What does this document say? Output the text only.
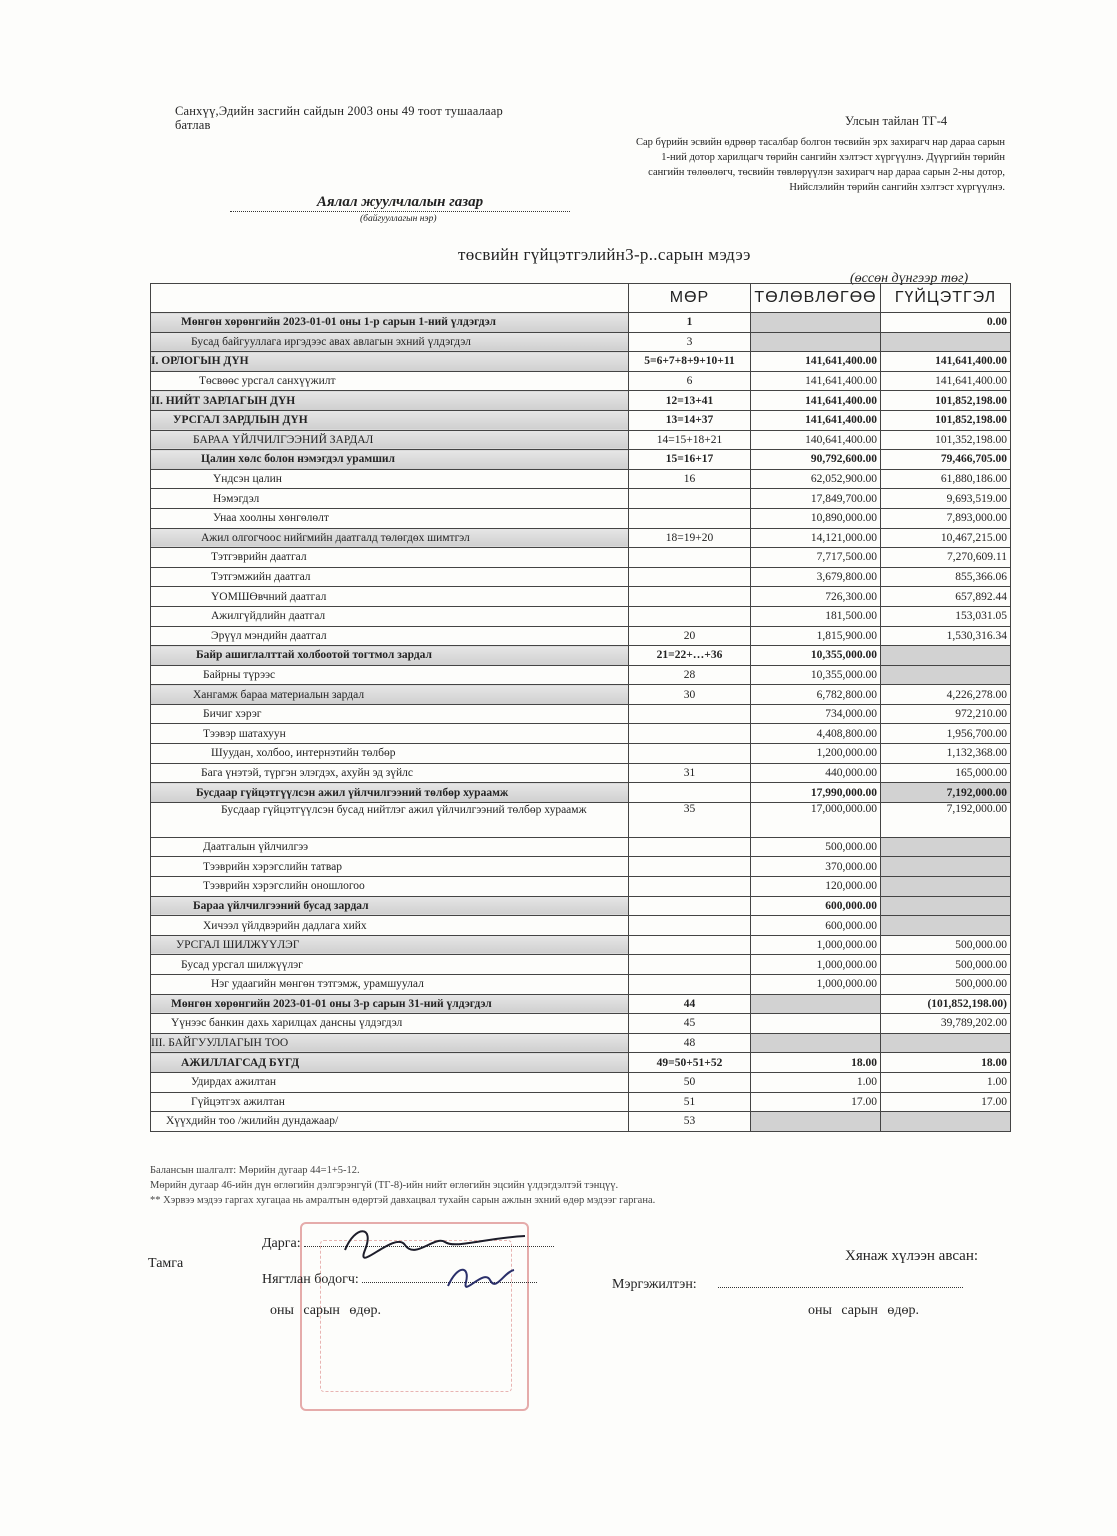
Санхүү,Эдийн засгийн сайдын 2003 оны 49 тоот тушаалаар батлав	Улсын тайлан ТГ-4
Сар бүрийн эсвийн өдрөөр тасалбар болгон төсвийн эрх захирагч нар дараа сарын
1-ний дотор харилцагч төрийн сангийн хэлтэст хүргүүлнэ. Дүүргийн төрийн
сангийн төлөөлөгч, төсвийн төвлөрүүлэн захирагч нар дараа сарын 2-ны дотор,
Нийслэлийн төрийн сангийн хэлтэст хүргүүлнэ.
Аялал жуулчлалын газар
(байгууллагын нэр)
төсвийн гүйцэтгэлийн3-р..сарын мэдээ
(өссөн дүнгээр төг)
	МӨР	ТӨЛӨВЛӨГӨӨ	ГҮЙЦЭТГЭЛ
Мөнгөн хөрөнгийн 2023-01-01 оны 1-р сарын 1-ний үлдэгдэл	1		0.00
Бусад байгууллага иргэдээс авах авлагын эхний үлдэгдэл	3		
I. ОРЛОГЫН ДҮН	5=6+7+8+9+10+11	141,641,400.00	141,641,400.00
Төсвөөс урсгал санхүүжилт	6	141,641,400.00	141,641,400.00
II. НИЙТ ЗАРЛАГЫН ДҮН	12=13+41	141,641,400.00	101,852,198.00
УРСГАЛ ЗАРДЛЫН ДҮН	13=14+37	141,641,400.00	101,852,198.00
БАРАА ҮЙЛЧИЛГЭЭНИЙ ЗАРДАЛ	14=15+18+21	140,641,400.00	101,352,198.00
Цалин хөлс болон нэмэгдэл урамшил	15=16+17	90,792,600.00	79,466,705.00
Үндсэн цалин	16	62,052,900.00	61,880,186.00
Нэмэгдэл		17,849,700.00	9,693,519.00
Унаа хоолны хөнгөлөлт		10,890,000.00	7,893,000.00
Ажил олгогчоос нийгмийн даатгалд төлөгдөх шимтгэл	18=19+20	14,121,000.00	10,467,215.00
Тэтгэврийн даатгал		7,717,500.00	7,270,609.11
Тэтгэмжийн даатгал		3,679,800.00	855,366.06
ҮОМШӨвчний даатгал		726,300.00	657,892.44
Ажилгүйдлийн даатгал		181,500.00	153,031.05
Эрүүл мэндийн даатгал	20	1,815,900.00	1,530,316.34
Байр ашиглалттай холбоотой тогтмол зардал	21=22+…+36	10,355,000.00	
Байрны түрээс	28	10,355,000.00	
Хангамж бараа материалын зардал	30	6,782,800.00	4,226,278.00
Бичиг хэрэг		734,000.00	972,210.00
Тээвэр шатахуун		4,408,800.00	1,956,700.00
Шуудан, холбоо, интернэтийн төлбөр		1,200,000.00	1,132,368.00
Бага үнэтэй, түргэн элэгдэх, ахуйн эд зүйлс	31	440,000.00	165,000.00
Бусдаар гүйцэтгүүлсэн ажил үйлчилгээний төлбөр хураамж		17,990,000.00	7,192,000.00
Бусдаар гүйцэтгүүлсэн бусад нийтлэг ажил үйлчилгээний төлбөр хураамж	35	17,000,000.00	7,192,000.00
Даатгалын үйлчилгээ		500,000.00	
Тээврийн хэрэгслийн татвар		370,000.00	
Тээврийн хэрэгслийн оношлогоо		120,000.00	
Бараа үйлчилгээний бусад зардал		600,000.00	
Хичээл үйлдвэрийн дадлага хийх		600,000.00	
УРСГАЛ ШИЛЖҮҮЛЭГ		1,000,000.00	500,000.00
Бусад урсгал шилжүүлэг		1,000,000.00	500,000.00
Нэг удаагийн мөнгөн тэтгэмж, урамшуулал		1,000,000.00	500,000.00
Мөнгөн хөрөнгийн 2023-01-01 оны 3-р сарын 31-ний үлдэгдэл	44		(101,852,198.00)
Үүнээс банкин дахь харилцах дансны үлдэгдэл	45		39,789,202.00
III. БАЙГУУЛЛАГЫН ТОО	48		
АЖИЛЛАГСАД БҮГД	49=50+51+52	18.00	18.00
Удирдах ажилтан	50	1.00	1.00
Гүйцэтгэх ажилтан	51	17.00	17.00
Хүүхдийн тоо /жилийн дундажаар/	53		
Балансын шалгалт: Мөрийн дугаар 44=1+5-12.
Мөрийн дугаар 46-ийн дүн өглөгийн дэлгэрэнгүй (ТГ-8)-ийн нийт өглөгийн эцсийн үлдэгдэлтэй тэнцүү.
** Хэрвээ мэдээ гаргах хугацаа нь амралтын өдөртэй давхацвал тухайн сарын ажлын эхний өдөр мэдээг гаргана.
Тамга
Дарга:
Нягтлан бодогч:
оны сарын өдөр.
Хянаж хүлээн авсан:
Мэргэжилтэн:
оны сарын өдөр.
